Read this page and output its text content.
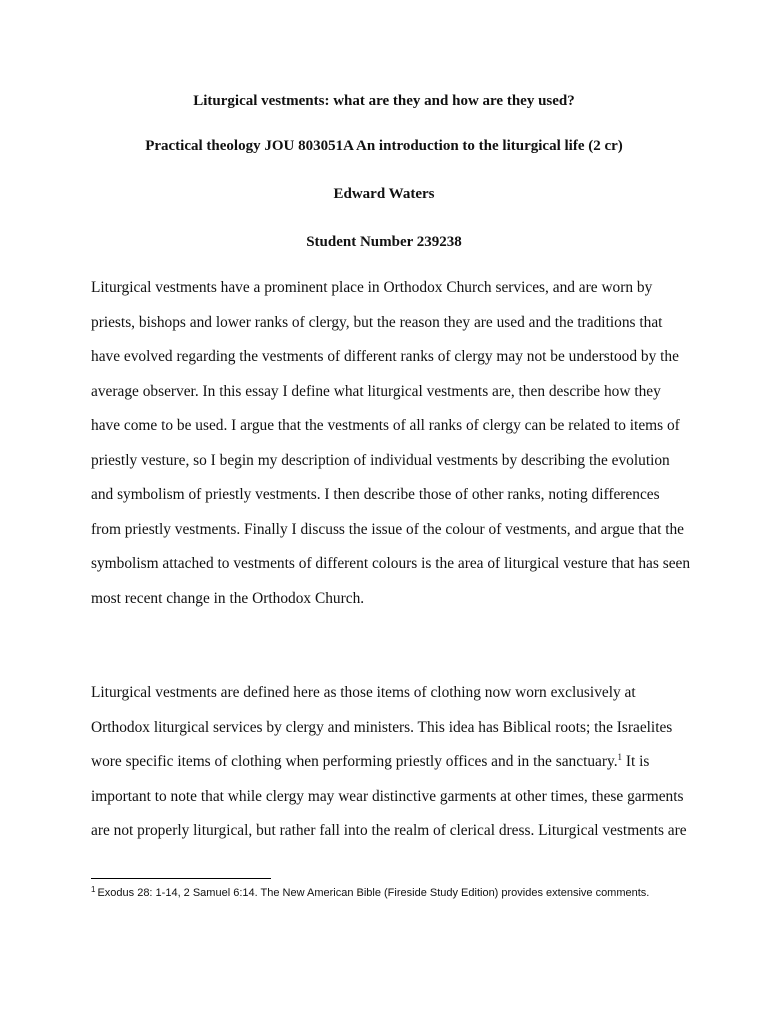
Liturgical vestments: what are they and how are they used?
Practical theology JOU 803051A An introduction to the liturgical life (2 cr)
Edward Waters
Student Number 239238
Liturgical vestments have a prominent place in Orthodox Church services, and are worn by
priests, bishops and lower ranks of clergy, but the reason they are used and the traditions that
have evolved regarding the vestments of different ranks of clergy may not be understood by the
average observer. In this essay I define what liturgical vestments are, then describe how they
have come to be used. I argue that the vestments of all ranks of clergy can be related to items of
priestly vesture, so I begin my description of individual vestments by describing the evolution
and symbolism of priestly vestments. I then describe those of other ranks, noting differences
from priestly vestments. Finally I discuss the issue of the colour of vestments, and argue that the
symbolism attached to vestments of different colours is the area of liturgical vesture that has seen
most recent change in the Orthodox Church.
Liturgical vestments are defined here as those items of clothing now worn exclusively at
Orthodox liturgical services by clergy and ministers. This idea has Biblical roots; the Israelites
wore specific items of clothing when performing priestly offices and in the sanctuary.$^1$ It is
important to note that while clergy may wear distinctive garments at other times, these garments
are not properly liturgical, but rather fall into the realm of clerical dress. Liturgical vestments are
$^1$ Exodus 28: 1-14, 2 Samuel 6:14. The New American Bible (Fireside Study Edition) provides extensive comments.
